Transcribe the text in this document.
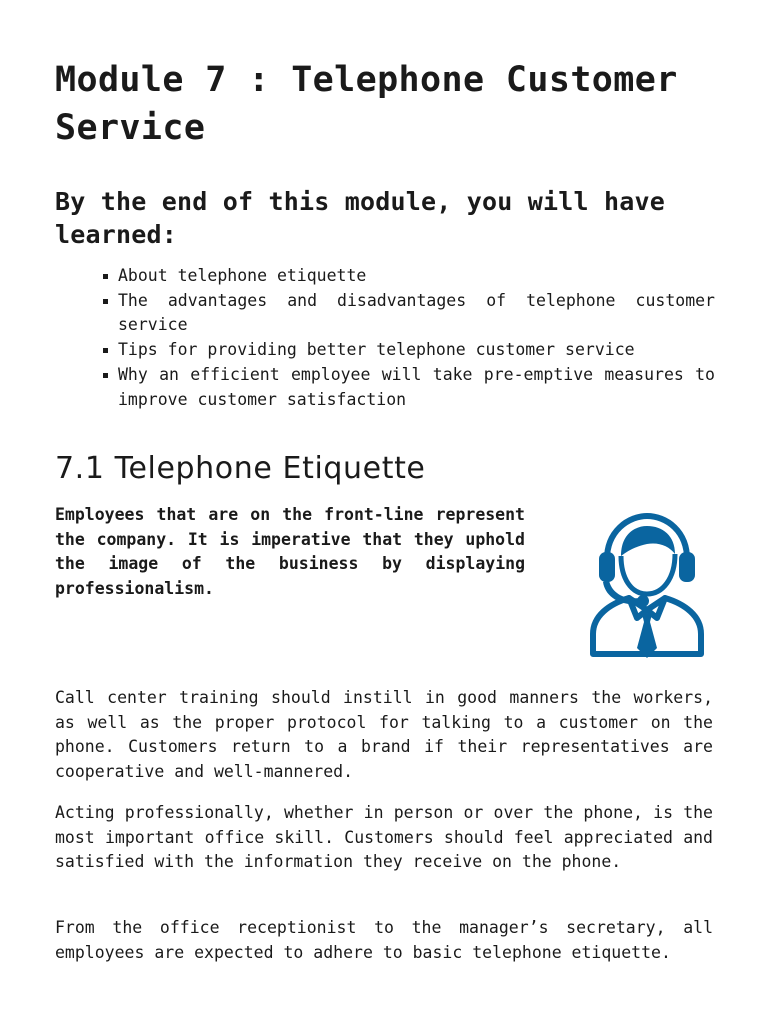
Module 7 : Telephone Customer Service
By the end of this module, you will have learned:
About telephone etiquette
The advantages and disadvantages of telephone customer service
Tips for providing better telephone customer service
Why an efficient employee will take pre-emptive measures to improve customer satisfaction
7.1 Telephone Etiquette

Employees that are on the front-line represent the company. It is imperative that they uphold the image of the business by displaying professionalism.

Call center training should instill in good manners the workers, as well as the proper protocol for talking to a customer on the phone. Customers return to a brand if their representatives are cooperative and well-mannered.

Acting professionally, whether in person or over the phone, is the most important office skill. Customers should feel appreciated and satisfied with the information they receive on the phone.

From the office receptionist to the manager’s secretary, all employees are expected to adhere to basic telephone etiquette.
